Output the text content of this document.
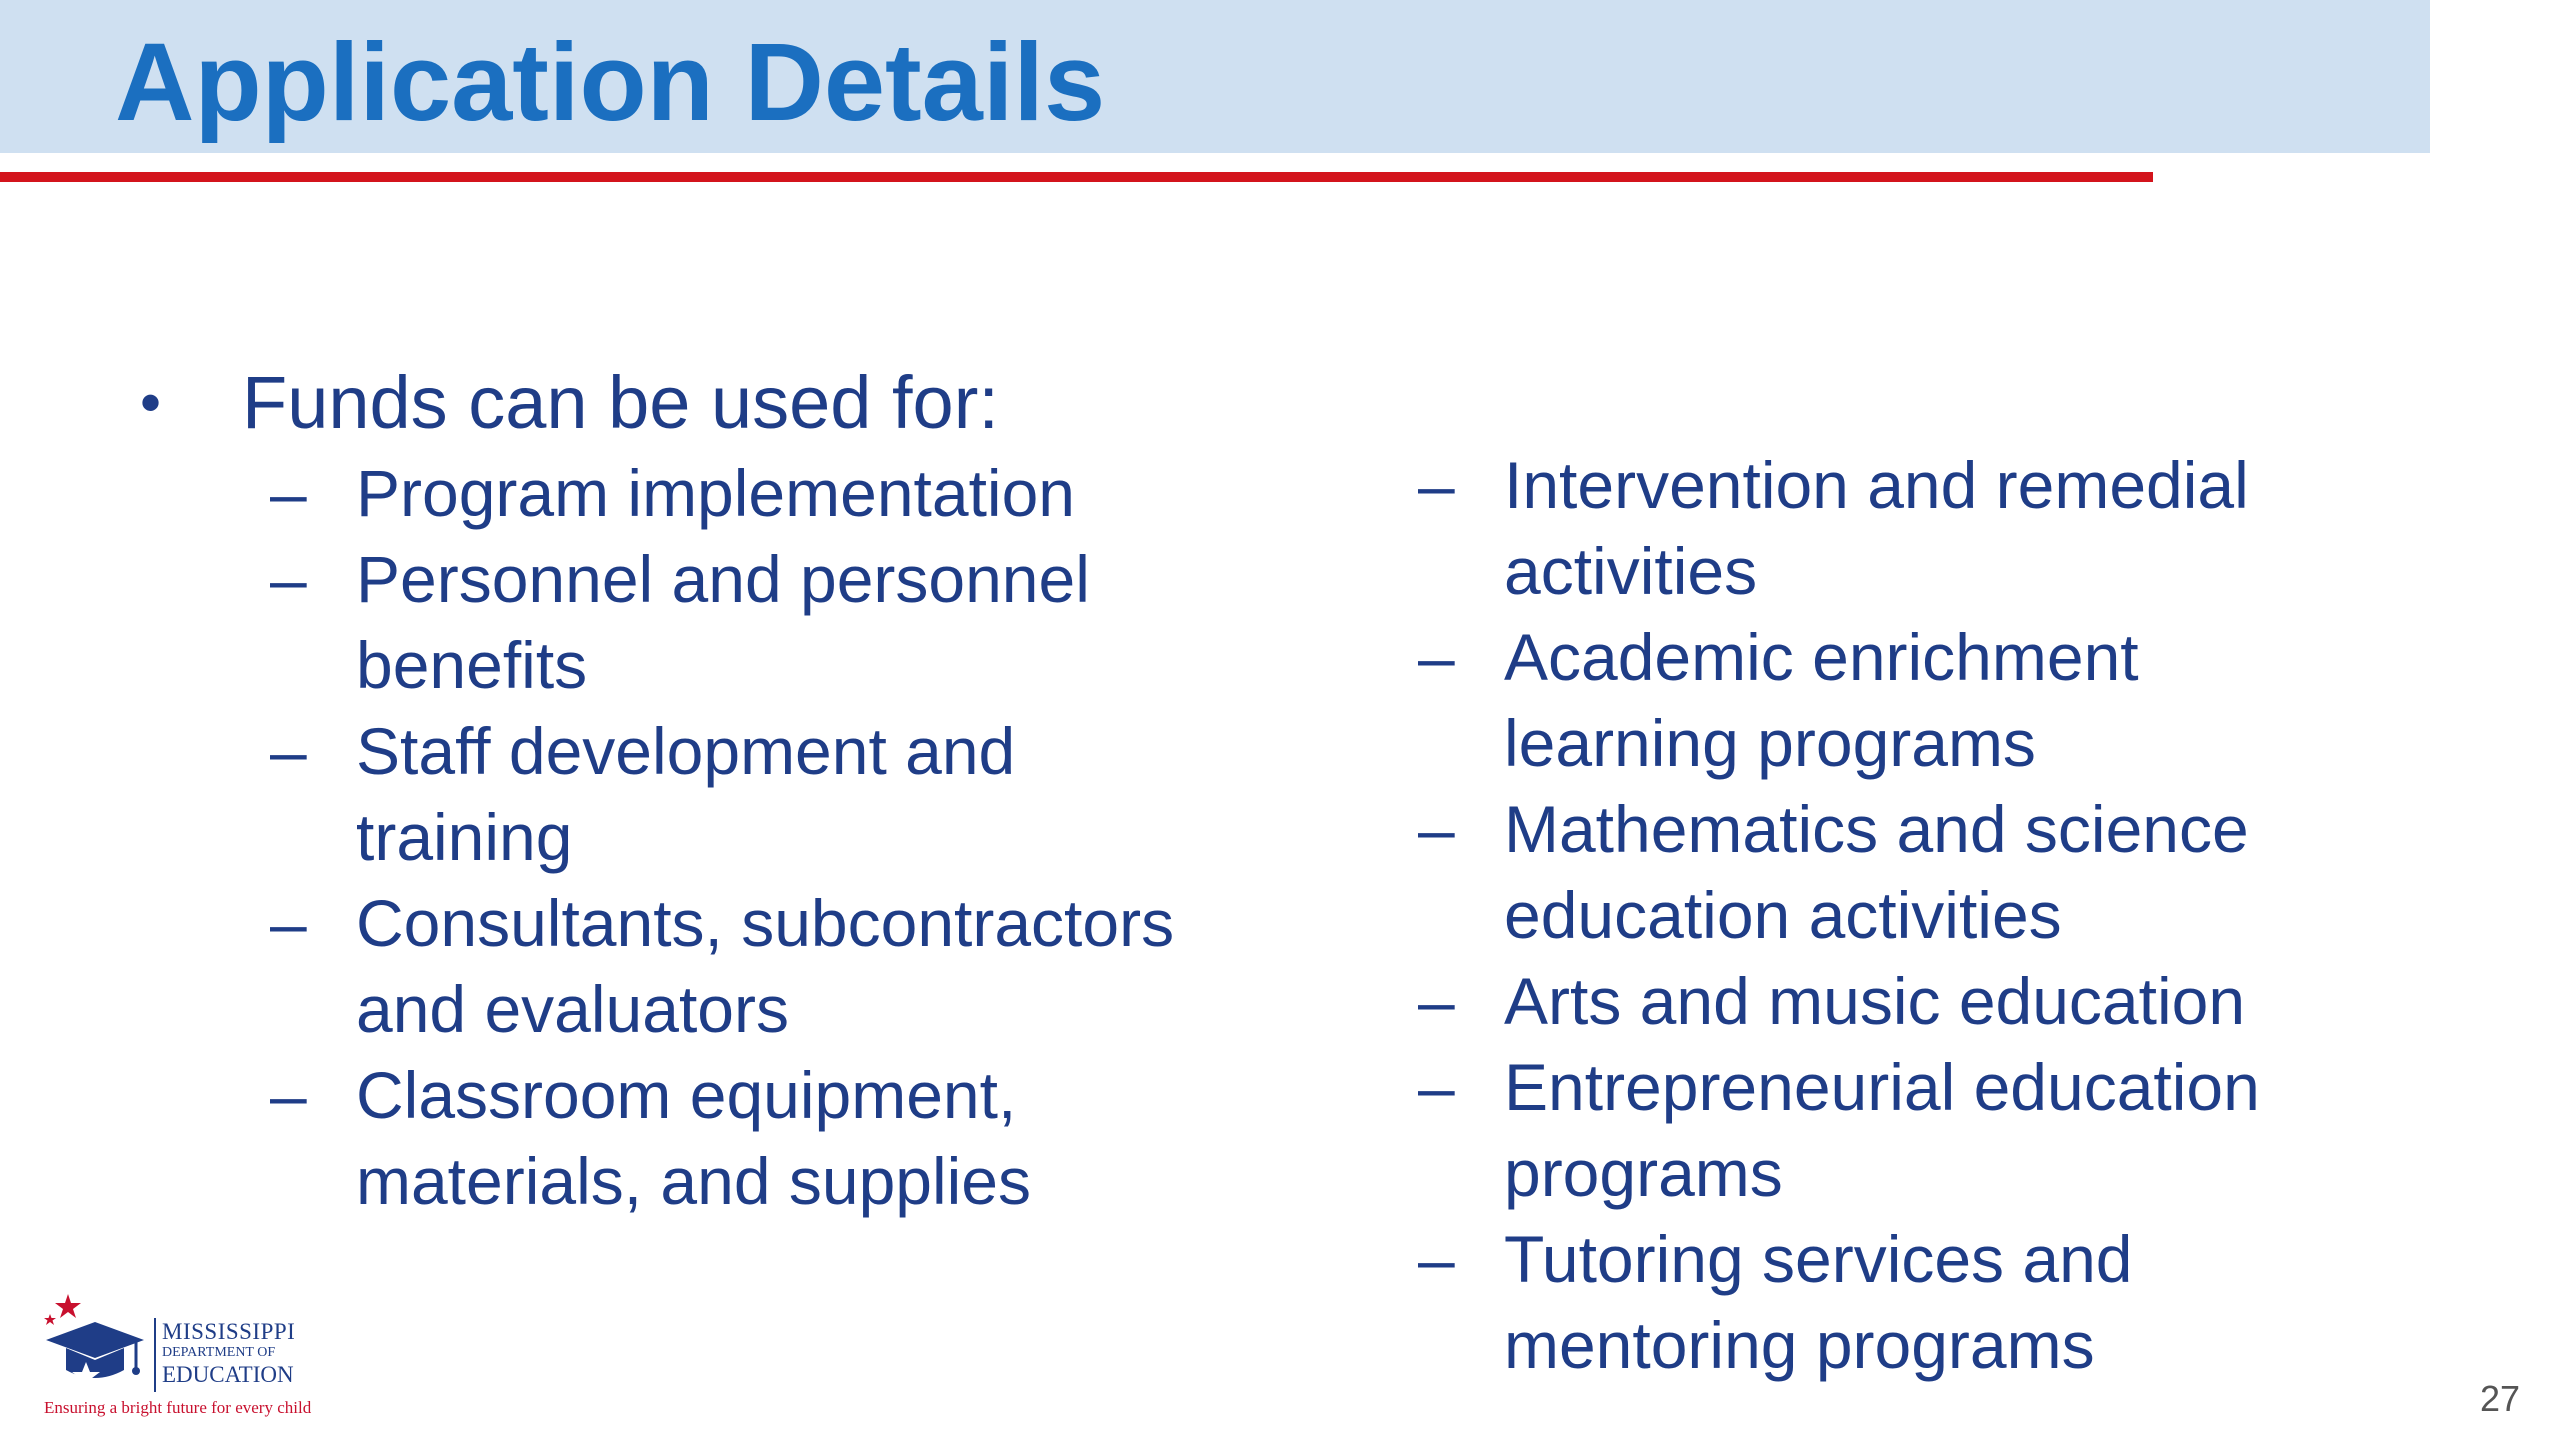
Application Details
• Funds can be used for:
– Program implementation
– Personnel and personnel
benefits
– Staff development and
training
– Consultants, subcontractors
and evaluators
– Classroom equipment,
materials, and supplies
– Intervention and remedial
activities
– Academic enrichment
learning programs
– Mathematics and science
education activities
– Arts and music education
– Entrepreneurial education
programs
– Tutoring services and
mentoring programs
MISSISSIPPI
DEPARTMENT OF
EDUCATION
Ensuring a bright future for every child	27
